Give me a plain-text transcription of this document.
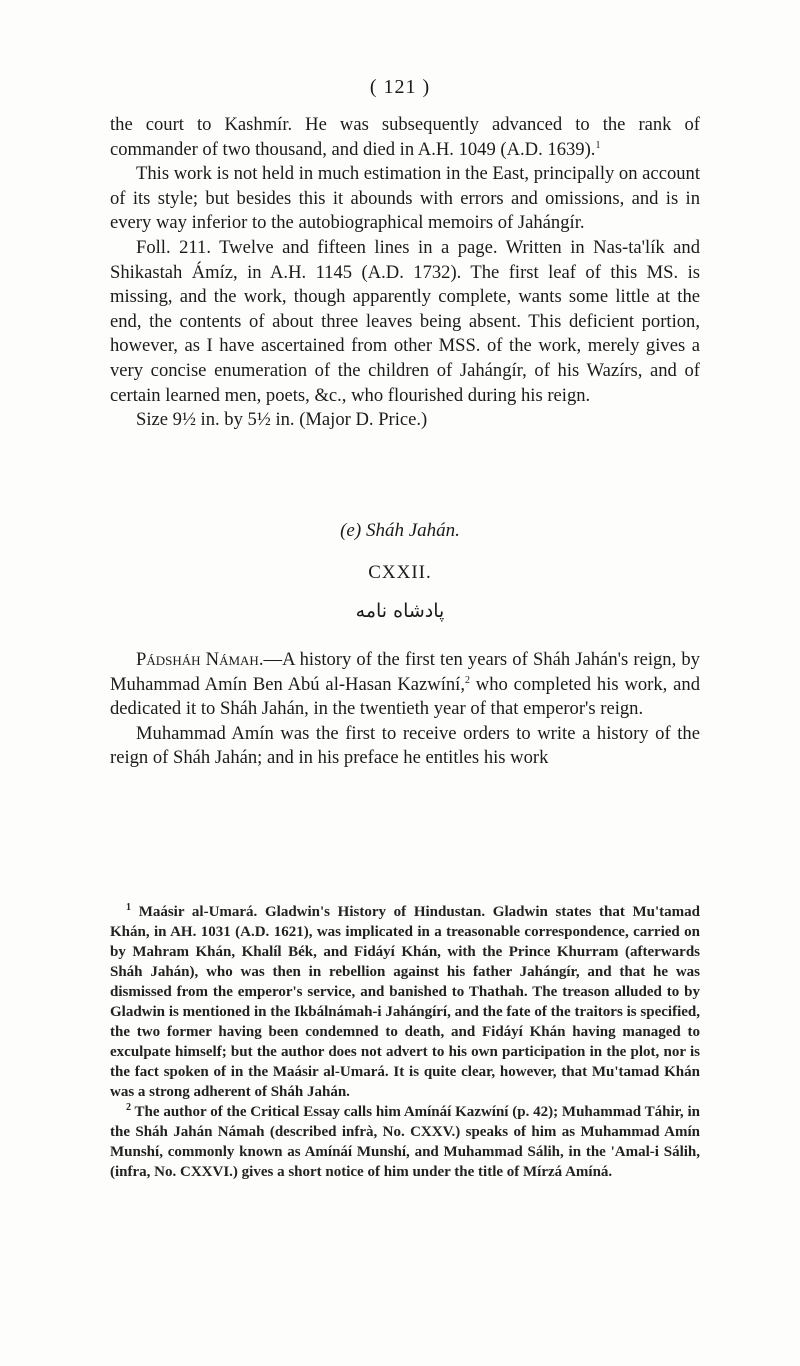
( 121 )

the court to Kashmír. He was subsequently advanced to the rank of commander of two thousand, and died in A.H. 1049 (A.D. 1639).$^1$

This work is not held in much estimation in the East, principally on account of its style; but besides this it abounds with errors and omissions, and is in every way inferior to the autobiographical memoirs of Jahángír.

Foll. 211. Twelve and fifteen lines in a page. Written in Nas-ta'lík and Shikastah Ámíz, in A.H. 1145 (A.D. 1732). The first leaf of this MS. is missing, and the work, though apparently complete, wants some little at the end, the contents of about three leaves being absent. This deficient portion, however, as I have ascertained from other MSS. of the work, merely gives a very concise enumeration of the children of Jahángír, of his Wazírs, and of certain learned men, poets, &c., who flourished during his reign.

Size 9½ in. by 5½ in. (Major D. Price.)

(e) Sháh Jahán.
CXXII.
پادشاه نامه

Pádsháh Námah.—A history of the first ten years of Sháh Jahán's reign, by Muhammad Amín Ben Abú al-Hasan Kazwíní,$^2$ who completed his work, and dedicated it to Sháh Jahán, in the twentieth year of that emperor's reign.

Muhammad Amín was the first to receive orders to write a history of the reign of Sháh Jahán; and in his preface he entitles his work

$^1$ Maásir al-Umará. Gladwin's History of Hindustan. Gladwin states that Mu'tamad Khán, in AH. 1031 (A.D. 1621), was implicated in a treasonable correspondence, carried on by Mahram Khán, Khalíl Bék, and Fidáyí Khán, with the Prince Khurram (afterwards Sháh Jahán), who was then in rebellion against his father Jahángír, and that he was dismissed from the emperor's service, and banished to Thathah. The treason alluded to by Gladwin is mentioned in the Ikbálnámah-i Jahángírí, and the fate of the traitors is specified, the two former having been condemned to death, and Fidáyí Khán having managed to exculpate himself; but the author does not advert to his own participation in the plot, nor is the fact spoken of in the Maásir al-Umará. It is quite clear, however, that Mu'tamad Khán was a strong adherent of Sháh Jahán.

$^2$ The author of the Critical Essay calls him Amínáí Kazwíní (p. 42); Muhammad Táhir, in the Sháh Jahán Námah (described infrà, No. CXXV.) speaks of him as Muhammad Amín Munshí, commonly known as Amínáí Munshí, and Muhammad Sálih, in the 'Amal-i Sálih, (infra, No. CXXVI.) gives a short notice of him under the title of Mírzá Amíná.
